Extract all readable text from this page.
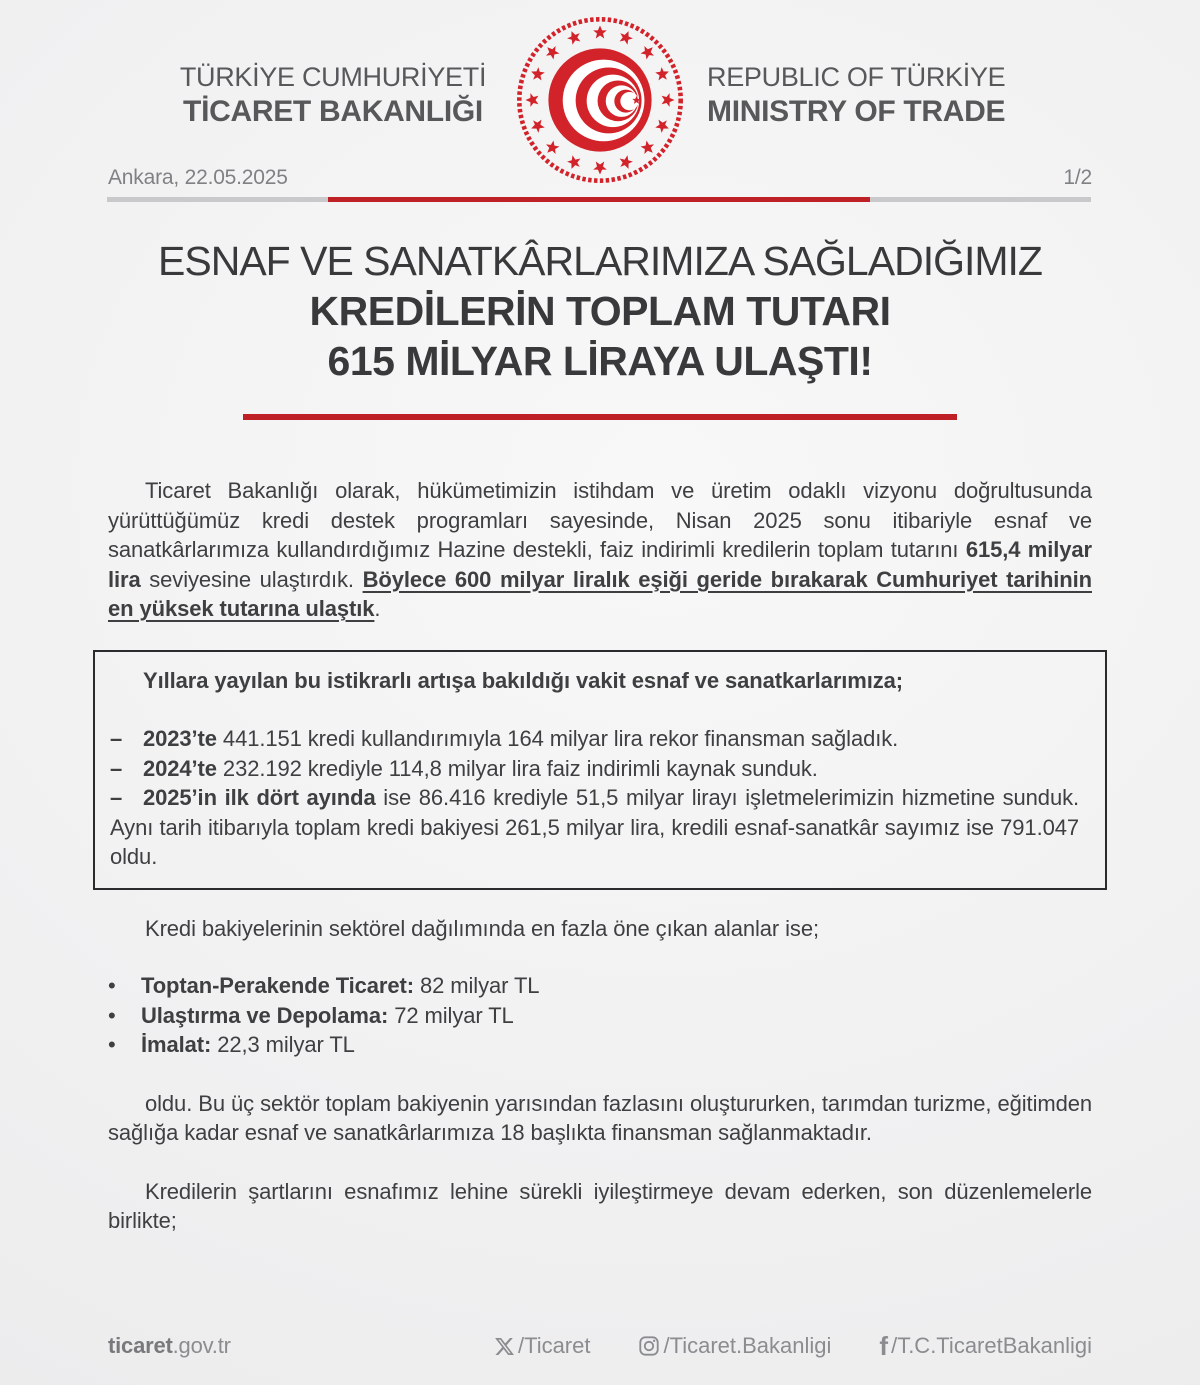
TÜRKİYE CUMHURİYETİ
TİCARET BAKANLIĞI
REPUBLIC OF TÜRKİYE
MINISTRY OF TRADE
Ankara, 22.05.2025	1/2
ESNAF VE SANATKÂRLARIMIZA SAĞLADIĞIMIZ
KREDİLERİN TOPLAM TUTARI
615 MİLYAR LİRAYA ULAŞTI!

Ticaret Bakanlığı olarak, hükümetimizin istihdam ve üretim odaklı vizyonu doğrultusunda yürüttüğümüz kredi destek programları sayesinde, Nisan 2025 sonu itibariyle esnaf ve sanatkârlarımıza kullandırdığımız Hazine destekli, faiz indirimli kredilerin toplam tutarını 615,4 milyar lira seviyesine ulaştırdık. Böylece 600 milyar liralık eşiği geride bırakarak Cumhuriyet tarihinin en yüksek tutarına ulaştık.

Yıllara yayılan bu istikrarlı artışa bakıldığı vakit esnaf ve sanatkarlarımıza;

– 2023’te 441.151 kredi kullandırımıyla 164 milyar lira rekor finansman sağladık.

– 2024’te 232.192 krediyle 114,8 milyar lira faiz indirimli kaynak sunduk.

– 2025’in ilk dört ayında ise 86.416 krediyle 51,5 milyar lirayı işletmelerimizin hizmetine sunduk. Aynı tarih itibarıyla toplam kredi bakiyesi 261,5 milyar lira, kredili esnaf-sanatkâr sayımız ise 791.047 oldu.

Kredi bakiyelerinin sektörel dağılımında en fazla öne çıkan alanlar ise;

• Toptan-Perakende Ticaret: 82 milyar TL

• Ulaştırma ve Depolama: 72 milyar TL

• İmalat: 22,3 milyar TL

oldu. Bu üç sektör toplam bakiyenin yarısından fazlasını oluştururken, tarımdan turizme, eğitimden sağlığa kadar esnaf ve sanatkârlarımıza 18 başlıkta finansman sağlanmaktadır.

Kredilerin şartlarını esnafımız lehine sürekli iyileştirmeye devam ederken, son düzenlemelerle birlikte;

ticaret.gov.tr	/Ticaret	/Ticaret.Bakanligi f /T.C.TicaretBakanligi
